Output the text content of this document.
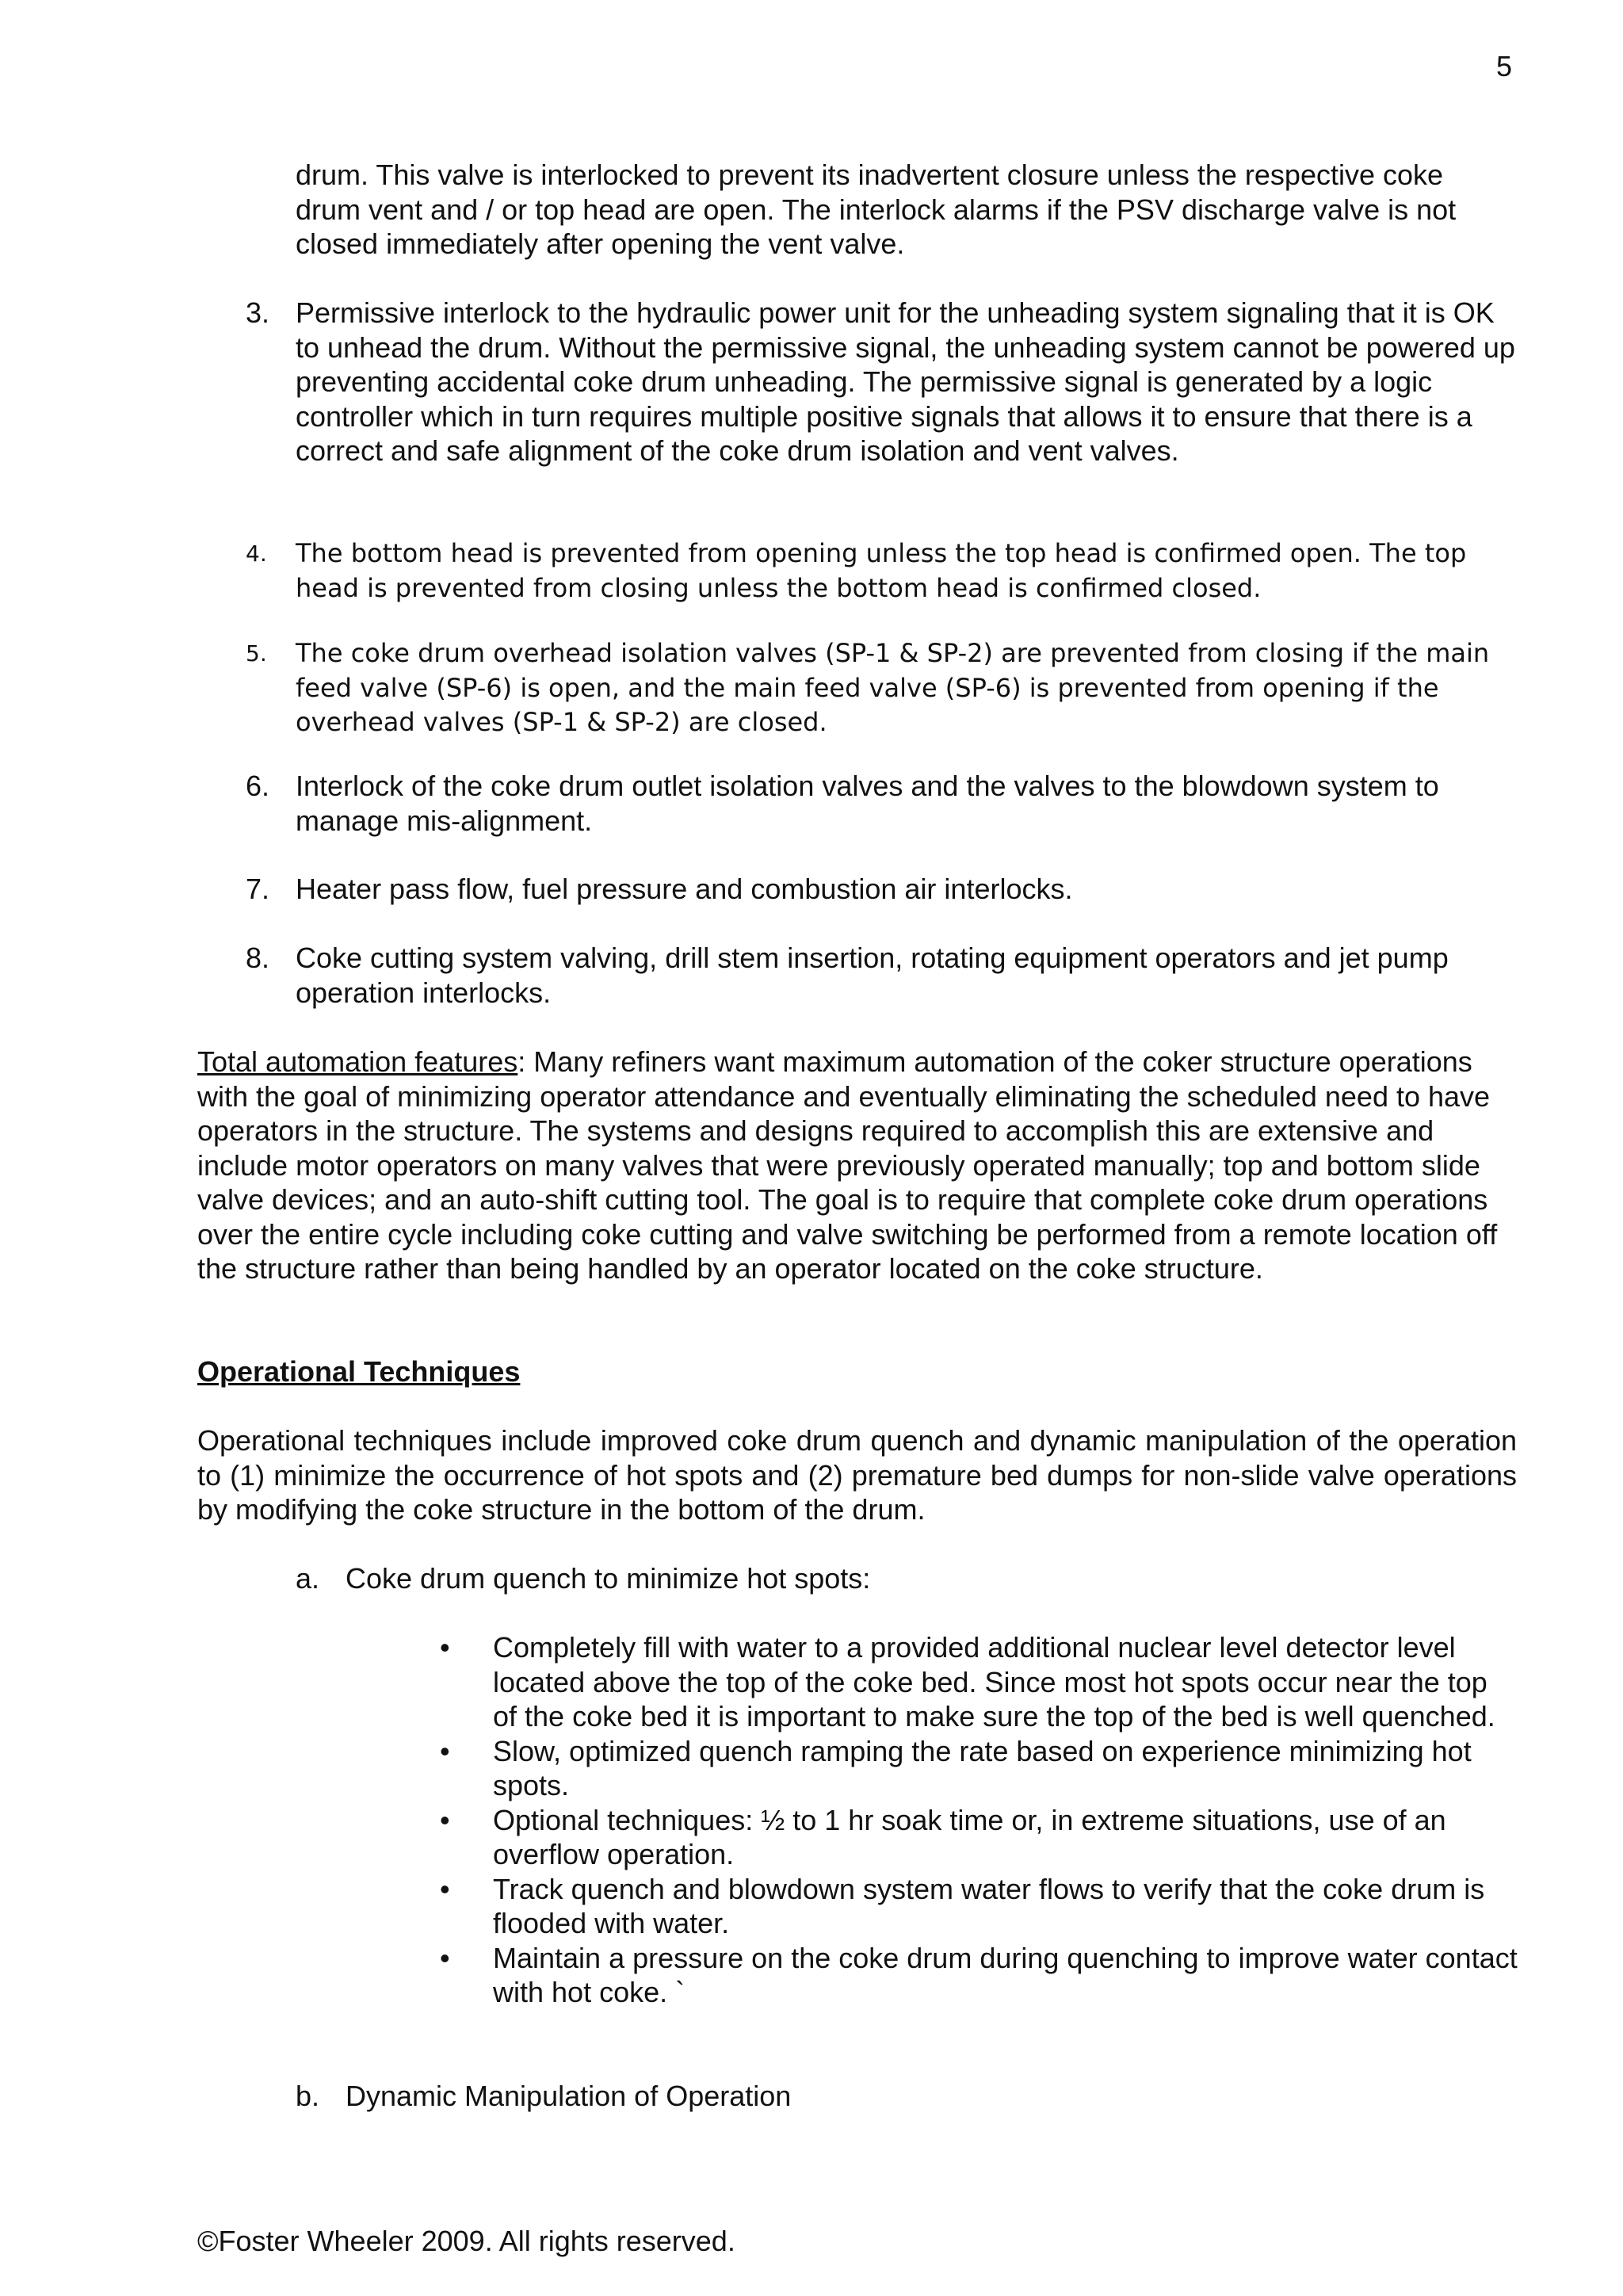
5
drum. This valve is interlocked to prevent its inadvertent closure unless the respective coke drum vent and / or top head are open. The interlock alarms if the PSV discharge valve is not closed immediately after opening the vent valve.
3. Permissive interlock to the hydraulic power unit for the unheading system signaling that it is OK to unhead the drum. Without the permissive signal, the unheading system cannot be powered up preventing accidental coke drum unheading. The permissive signal is generated by a logic controller which in turn requires multiple positive signals that allows it to ensure that there is a correct and safe alignment of the coke drum isolation and vent valves.
4. The bottom head is prevented from opening unless the top head is confirmed open. The top head is prevented from closing unless the bottom head is confirmed closed.
5. The coke drum overhead isolation valves (SP-1 & SP-2) are prevented from closing if the main feed valve (SP-6) is open, and the main feed valve (SP-6) is prevented from opening if the overhead valves (SP-1 & SP-2) are closed.
6. Interlock of the coke drum outlet isolation valves and the valves to the blowdown system to manage mis-alignment.
7. Heater pass flow, fuel pressure and combustion air interlocks.
8. Coke cutting system valving, drill stem insertion, rotating equipment operators and jet pump operation interlocks.
Total automation features: Many refiners want maximum automation of the coker structure operations with the goal of minimizing operator attendance and eventually eliminating the scheduled need to have operators in the structure. The systems and designs required to accomplish this are extensive and include motor operators on many valves that were previously operated manually; top and bottom slide valve devices; and an auto-shift cutting tool. The goal is to require that complete coke drum operations over the entire cycle including coke cutting and valve switching be performed from a remote location off the structure rather than being handled by an operator located on the coke structure.
Operational Techniques
Operational techniques include improved coke drum quench and dynamic manipulation of the operation to (1) minimize the occurrence of hot spots and (2) premature bed dumps for non-slide valve operations by modifying the coke structure in the bottom of the drum.
a. Coke drum quench to minimize hot spots:
• Completely fill with water to a provided additional nuclear level detector level located above the top of the coke bed. Since most hot spots occur near the top of the coke bed it is important to make sure the top of the bed is well quenched.
• Slow, optimized quench ramping the rate based on experience minimizing hot spots.
• Optional techniques: ½ to 1 hr soak time or, in extreme situations, use of an overflow operation.
• Track quench and blowdown system water flows to verify that the coke drum is flooded with water.
• Maintain a pressure on the coke drum during quenching to improve water contact with hot coke. `
b. Dynamic Manipulation of Operation
©Foster Wheeler 2009. All rights reserved.
